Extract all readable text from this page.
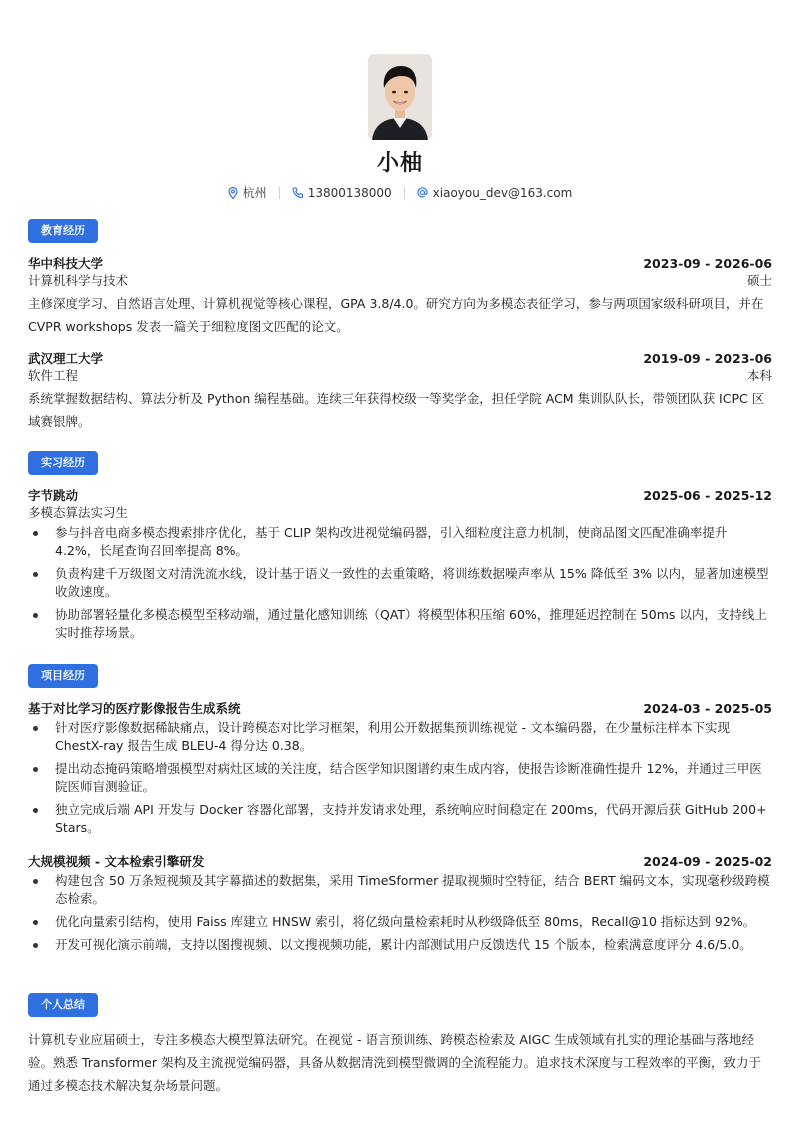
小柚
杭州	13800138000	xiaoyou_dev@163.com
教育经历
华中科技大学	2023-09 - 2026-06
计算机科学与技术	硕士
主修深度学习、自然语言处理、计算机视觉等核心课程，GPA 3.8/4.0。研究方向为多模态表征学习，参与两项国家级科研项目，并在 CVPR workshops 发表一篇关于细粒度图文匹配的论文。
武汉理工大学	2019-09 - 2023-06
软件工程	本科
系统掌握数据结构、算法分析及 Python 编程基础。连续三年获得校级一等奖学金，担任学院 ACM 集训队队长，带领团队获 ICPC 区域赛银牌。
实习经历
字节跳动	2025-06 - 2025-12
多模态算法实习生
参与抖音电商多模态搜索排序优化，基于 CLIP 架构改进视觉编码器，引入细粒度注意力机制，使商品图文匹配准确率提升 4.2%，长尾查询召回率提高 8%。
负责构建千万级图文对清洗流水线，设计基于语义一致性的去重策略，将训练数据噪声率从 15% 降低至 3% 以内，显著加速模型收敛速度。
协助部署轻量化多模态模型至移动端，通过量化感知训练（QAT）将模型体积压缩 60%，推理延迟控制在 50ms 以内，支持线上实时推荐场景。
项目经历
基于对比学习的医疗影像报告生成系统	2024-03 - 2025-05
针对医疗影像数据稀缺痛点，设计跨模态对比学习框架，利用公开数据集预训练视觉 - 文本编码器，在少量标注样本下实现 ChestX-ray 报告生成 BLEU-4 得分达 0.38。
提出动态掩码策略增强模型对病灶区域的关注度，结合医学知识图谱约束生成内容，使报告诊断准确性提升 12%，并通过三甲医院医师盲测验证。
独立完成后端 API 开发与 Docker 容器化部署，支持并发请求处理，系统响应时间稳定在 200ms，代码开源后获 GitHub 200+ Stars。
大规模视频 - 文本检索引擎研发	2024-09 - 2025-02
构建包含 50 万条短视频及其字幕描述的数据集，采用 TimeSformer 提取视频时空特征，结合 BERT 编码文本，实现毫秒级跨模态检索。
优化向量索引结构，使用 Faiss 库建立 HNSW 索引，将亿级向量检索耗时从秒级降低至 80ms，Recall@10 指标达到 92%。
开发可视化演示前端，支持以图搜视频、以文搜视频功能，累计内部测试用户反馈迭代 15 个版本，检索满意度评分 4.6/5.0。
个人总结
计算机专业应届硕士，专注多模态大模型算法研究。在视觉 - 语言预训练、跨模态检索及 AIGC 生成领域有扎实的理论基础与落地经验。熟悉 Transformer 架构及主流视觉编码器，具备从数据清洗到模型微调的全流程能力。追求技术深度与工程效率的平衡，致力于通过多模态技术解决复杂场景问题。
